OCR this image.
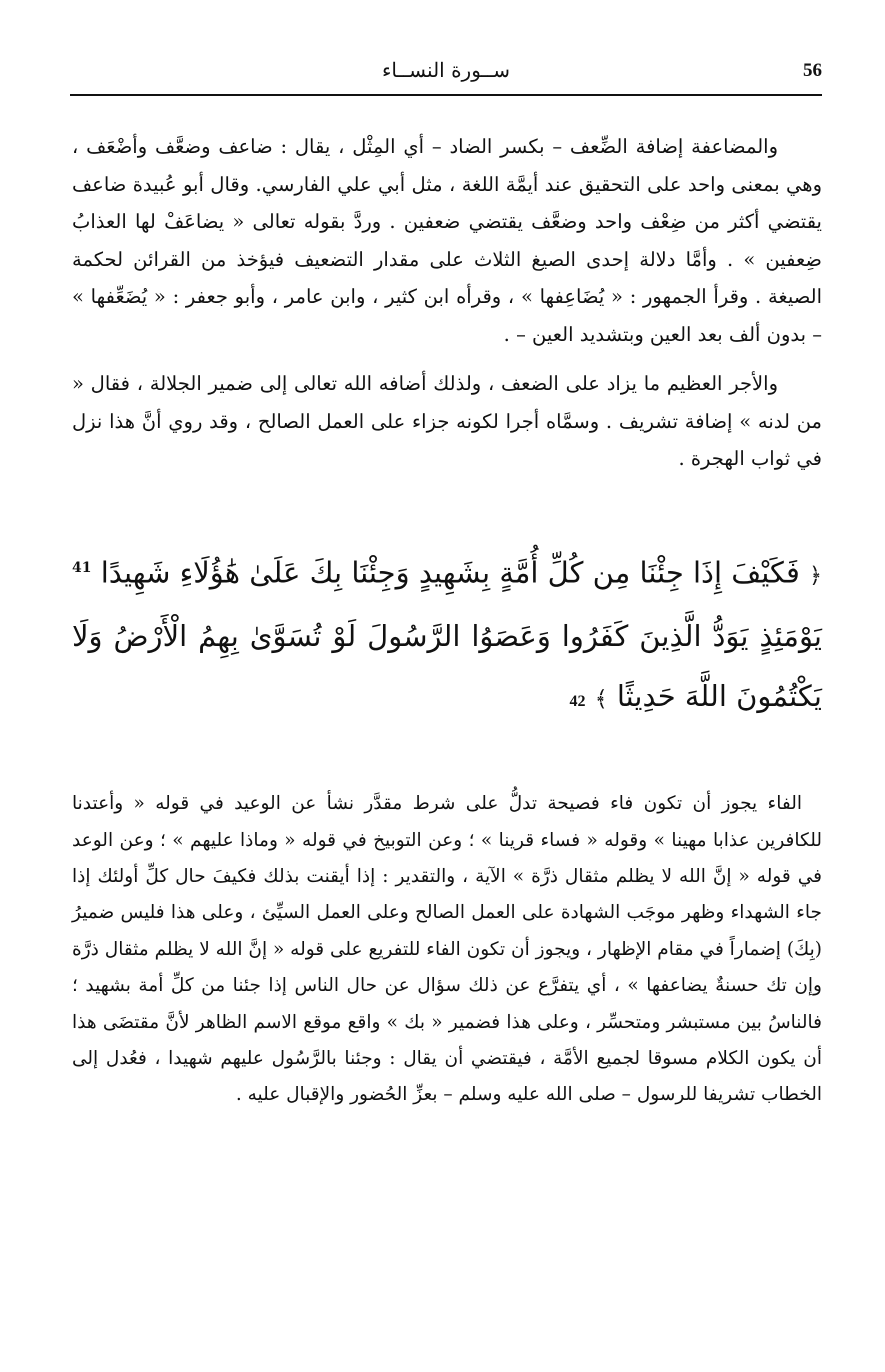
56
ســورة النســاء

والمضاعفة إضافة الضِّعف – بكسر الضاد – أي المِثْل ، يقال : ضاعف وضعَّف وأضْعَف ، وهي بمعنى واحد على التحقيق عند أيمَّة اللغة ، مثل أبي علي الفارسي. وقال أبو عُبيدة ضاعف يقتضي أكثر من ضِعْف واحد وضعَّف يقتضي ضعفين . وردَّ بقوله تعالى « يضاعَفْ لها العذابُ ضِعفين » . وأمَّا دلالة إحدى الصيغ الثلاث على مقدار التضعيف فيؤخذ من القرائن لحكمة الصيغة . وقرأ الجمهور : « يُضَاعِفها » ، وقرأه ابن كثير ، وابن عامر ، وأبو جعفر : « يُضَعِّفها » – بدون ألف بعد العين وبتشديد العين – .

والأجر العظيم ما يزاد على الضعف ، ولذلك أضافه الله تعالى إلى ضمير الجلالة ، فقال « من لدنه » إضافة تشريف . وسمَّاه أجرا لكونه جزاء على العمل الصالح ، وقد روي أنَّ هذا نزل في ثواب الهجرة .

﴿ فَكَيْفَ إِذَا جِئْنَا مِن كُلِّ أُمَّةٍ بِشَهِيدٍ وَجِئْنَا بِكَ عَلَىٰ هَٰؤُلَاءِ شَهِيدًا $^{41}$ يَوْمَئِذٍ يَوَدُّ الَّذِينَ كَفَرُوا وَعَصَوُا الرَّسُولَ لَوْ تُسَوَّىٰ بِهِمُ الْأَرْضُ وَلَا يَكْتُمُونَ اللَّهَ حَدِيثًا ﴾ 42

الفاء يجوز أن تكون فاء فصيحة تدلُّ على شرط مقدَّر نشأ عن الوعيد في قوله « وأعتدنا للكافرين عذابا مهينا » وقوله « فساء قرينا » ؛ وعن التوبيخ في قوله « وماذا عليهم » ؛ وعن الوعد في قوله « إنَّ الله لا يظلم مثقال ذرَّة » الآية ، والتقدير : إذا أيقنت بذلك فكيفَ حال كلِّ أولئك إذا جاء الشهداء وظهر موجَب الشهادة على العمل الصالح وعلى العمل السيِّئ ، وعلى هذا فليس ضميرُ (بِكَ) إضماراً في مقام الإظهار ، ويجوز أن تكون الفاء للتفريع على قوله « إنَّ الله لا يظلم مثقال ذرَّة وإن تك حسنةٌ يضاعفها » ، أي يتفرَّع عن ذلك سؤال عن حال الناس إذا جئنا من كلِّ أمة بشهيد ؛ فالناسُ بين مستبشر ومتحسِّر ، وعلى هذا فضمير « بك » واقع موقع الاسم الظاهر لأنَّ مقتضَى هذا أن يكون الكلام مسوقا لجميع الأمَّة ، فيقتضي أن يقال : وجئنا بالرَّسُول عليهم شهيدا ، فعُدل إلى الخطاب تشريفا للرسول – صلى الله عليه وسلم – بعزِّ الحُضور والإقبال عليه .
